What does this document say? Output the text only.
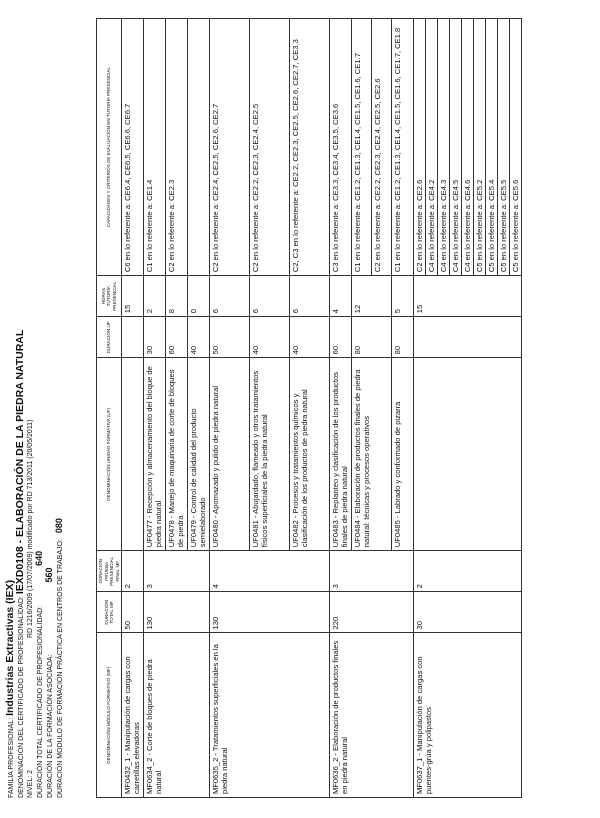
FAMILIA PROFESIONAL: Industrias Extractivas (IEX) DENOMINACIÓN DEL CERTIFICADO DE PROFESIONALIDAD: IEXD0108 - ELABORACIÓN DE LA PIEDRA NATURAL
NIVEL: 2 RD 1216/2009 (17/07/2009) modificado por RD 713/2011 (20/05/2011)
DURACIÓN TOTAL CERTIFICADO DE PROFESIONALIDAD: 640
DURACIÓN DE LA FORMACIÓN ASOCIADA: 560 DURACIÓN MÓDULO DE FORMACIÓN PRÁCTICA EN CENTROS DE TRABAJO: 080
DENOMINACIÓN MÓDULO FORMATIVO (MF)	DURACIÓN TOTAL MF	DURACIÓN PRUEBA PRESENCIAL FINAL MF	DENOMINACIÓN UNIDAD FORMATIVA (UF)	DURACIÓN UF	HORAS TUTORÍA PRESENCIAL	CAPACIDADES Y CRITERIOS DE EVALUACIÓN EN TUTORÍA PRESENCIAL
MF0432_1 - Manipulación de cargas con carretillas elevadoras	50	2			15	C6 en lo referente a: CE6.4, CE6.5, CE6.6, CE6.7
MF0634_2 - Corte de bloques de piedra natural	130	3	UF0477 - Recepción y almacenamiento del bloque de piedra natural	30	2	C1 en lo referente a: CE1.4
			UF0478 - Manejo de maquinaria de corte de bloques de piedra	60	8	C2 en lo referente a: CE2.3
			UF0479 - Control de calidad del producto semielaborado	40	0	
MF0635_2 - Tratamientos superficiales en la piedra natural	130	4	UF0480 - Apomazado y pulido de piedra natural	50	6	C2 en lo referente a: CE2.4, CE2.5, CE2.6, CE2.7
			UF0481 - Abujardado, flameado y otros tratamientos físicos superficiales de la piedra natural	40	6	C2 en lo referente a: CE2.2, CE2.3, CE2.4, CE2.5
			UF0482 - Procesos y tratamientos químicos y clasificación de los productos de piedra natural	40	6	C2, C3 en lo referente a: CE2.2, CE2.3, CE2.5, CE2.6, CE2.7, CE3.3
MF0636_2 - Elaboración de productos finales en piedra natural	220	3	UF0483 - Replanteo y clasificación de los productos finales de piedra natural	60	4	C3 en lo referente a: CE3.3, CE3.4, CE3.5, CE3.6
			UF0484 - Elaboración de productos finales de piedra natural: técnicas y procesos operativos	80	12	C1 en lo referente a: CE1.2, CE1.3, CE1.4, CE1.5, CE1.6, CE1.7
						C2 en lo referente a: CE2.2, CE2.3, CE2.4, CE2.5, CE2.6
			UF0485 - Labrado y conformado de pizarra	80	5	C1 en lo referente a: CE1.2, CE1.3, CE1.4, CE1.5, CE1.6, CE1.7, CE1.8
MF0637_1 - Manipulación de cargas con puentes-grúa y polipastos	30	2			15	C2 en lo referente a: CE2.6
						C4 en lo referente a: CE4.2
						C4 en lo referente a: CE4.3
						C4 en lo referente a: CE4.5
						C4 en lo referente a: CE4.6
						C5 en lo referente a: CE5.2
						C5 en lo referente a: CE5.4
						C5 en lo referente a: CE5.5
						C5 en lo referente a: CE5.6
